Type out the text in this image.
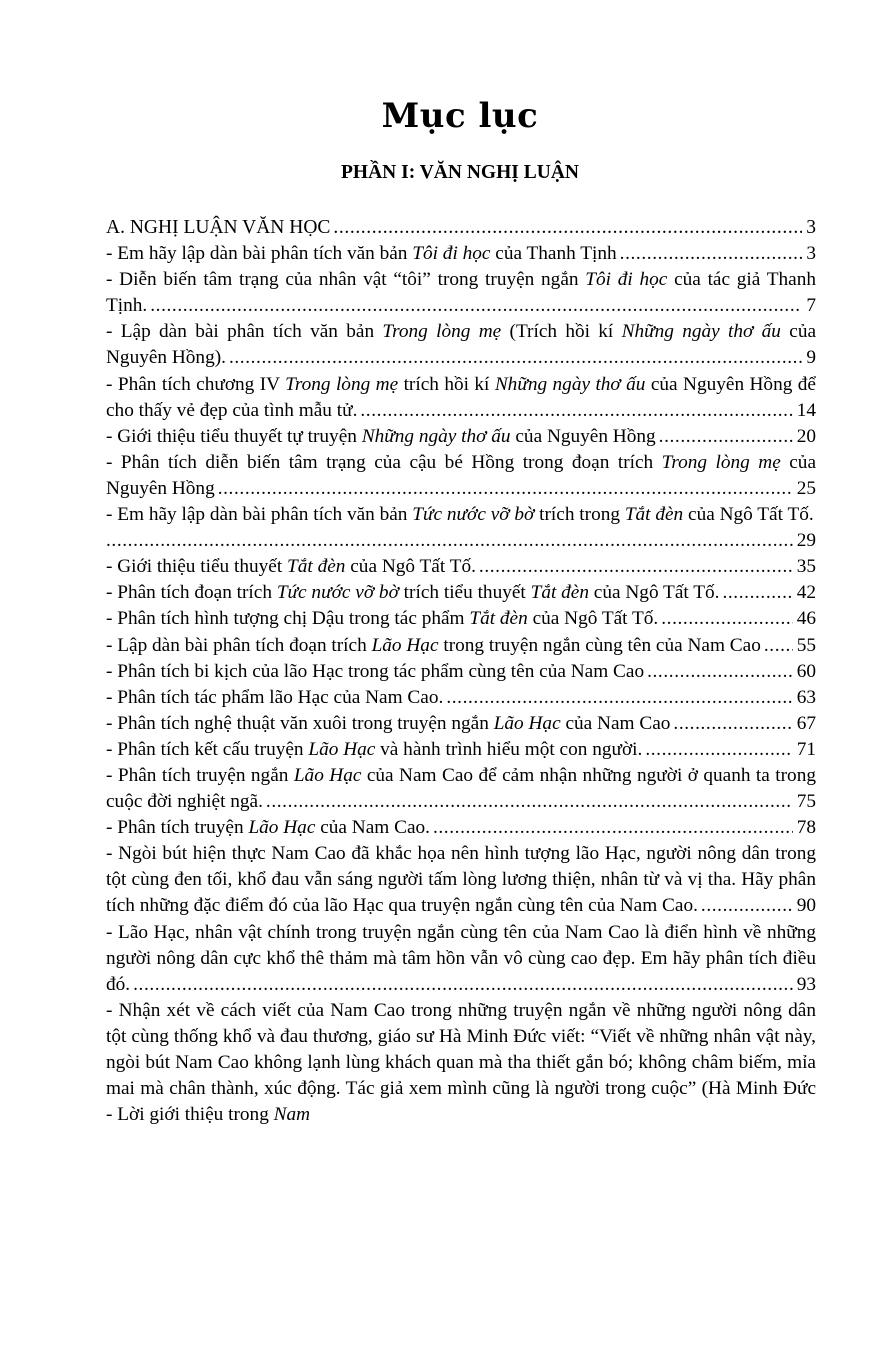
Mục lục
PHẦN I: VĂN NGHỊ LUẬN
A. NGHỊ LUẬN VĂN HỌC	3
.....
- Em hãy lập dàn bài phân tích văn bản Tôi đi học của Thanh Tịnh	3
.....
- Diễn biến tâm trạng của nhân vật “tôi” trong truyện ngắn Tôi đi học của tác giả Thanh Tịnh.	7
.....
- Lập dàn bài phân tích văn bản Trong lòng mẹ (Trích hồi kí Những ngày thơ ấu của Nguyên Hồng).	9
.....
- Phân tích chương IV Trong lòng mẹ trích hồi kí Những ngày thơ ấu của Nguyên Hồng để cho thấy vẻ đẹp của tình mẫu tử.	14
.....
- Giới thiệu tiểu thuyết tự truyện Những ngày thơ ấu của Nguyên Hồng	20
.....
- Phân tích diễn biến tâm trạng của cậu bé Hồng trong đoạn trích Trong lòng mẹ của Nguyên Hồng	25
.....
- Em hãy lập dàn bài phân tích văn bản Tức nước vỡ bờ trích trong Tắt đèn của Ngô Tất Tố.
29
.....
- Giới thiệu tiểu thuyết Tắt đèn của Ngô Tất Tố.	35
.....
- Phân tích đoạn trích Tức nước vỡ bờ trích tiểu thuyết Tắt đèn của Ngô Tất Tố.	42
.....
- Phân tích hình tượng chị Dậu trong tác phẩm Tắt đèn của Ngô Tất Tố.	46
.....
- Lập dàn bài phân tích đoạn trích Lão Hạc trong truyện ngắn cùng tên của Nam Cao 55
.....
- Phân tích bi kịch của lão Hạc trong tác phẩm cùng tên của Nam Cao	60
.....
- Phân tích tác phẩm lão Hạc của Nam Cao.	63
.....
- Phân tích nghệ thuật văn xuôi trong truyện ngắn Lão Hạc của Nam Cao	67
.....
- Phân tích kết cấu truyện Lão Hạc và hành trình hiểu một con người.	71
.....
- Phân tích truyện ngắn Lão Hạc của Nam Cao để cảm nhận những người ở quanh ta trong cuộc đời nghiệt ngã.	75
.....
- Phân tích truyện Lão Hạc của Nam Cao.	78
.....
- Ngòi bút hiện thực Nam Cao đã khắc họa nên hình tượng lão Hạc, người nông dân trong tột cùng đen tối, khổ đau vẫn sáng người tấm lòng lương thiện, nhân từ và vị tha. Hãy phân tích những đặc điểm đó của lão Hạc qua truyện ngắn cùng tên của Nam Cao.	90
.....
- Lão Hạc, nhân vật chính trong truyện ngắn cùng tên của Nam Cao là điển hình về những người nông dân cực khổ thê thảm mà tâm hồn vẫn vô cùng cao đẹp. Em hãy phân tích điều đó.	93
.....
- Nhận xét về cách viết của Nam Cao trong những truyện ngắn về những người nông dân tột cùng thống khổ và đau thương, giáo sư Hà Minh Đức viết: “Viết về những nhân vật này, ngòi bút Nam Cao không lạnh lùng khách quan mà tha thiết gắn bó; không châm biếm, mỉa mai mà chân thành, xúc động. Tác giả xem mình cũng là người trong cuộc” (Hà Minh Đức - Lời giới thiệu trong Nam
